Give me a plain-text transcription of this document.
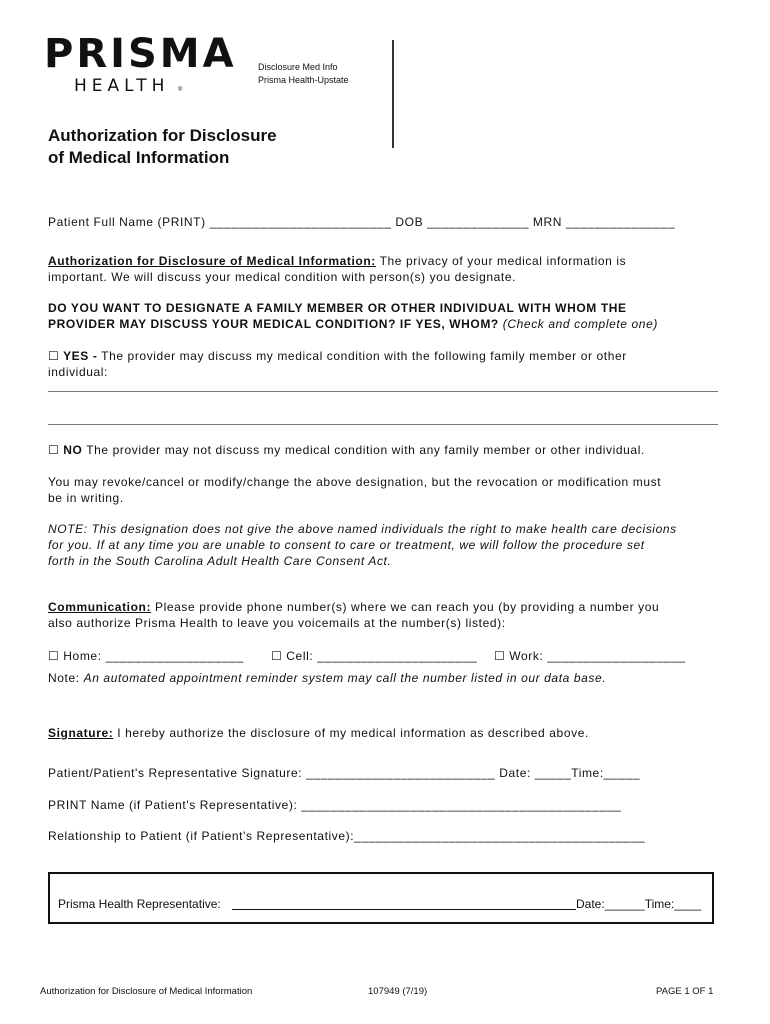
PRISMA
HEALTH ®
Disclosure Med Info
Prisma Health-Upstate
Authorization for Disclosure
of Medical Information
Patient Full Name (PRINT) _________________________ DOB ______________ MRN _______________
Authorization for Disclosure of Medical Information: The privacy of your medical information is
important. We will discuss your medical condition with person(s) you designate.
DO YOU WANT TO DESIGNATE A FAMILY MEMBER OR OTHER INDIVIDUAL WITH WHOM THE
PROVIDER MAY DISCUSS YOUR MEDICAL CONDITION? IF YES, WHOM? (Check and complete one)
☐ YES - The provider may discuss my medical condition with the following family member or other
individual:
☐ NO The provider may not discuss my medical condition with any family member or other individual.
You may revoke/cancel or modify/change the above designation, but the revocation or modification must
be in writing.
NOTE: This designation does not give the above named individuals the right to make health care decisions
for you. If at any time you are unable to consent to care or treatment, we will follow the procedure set
forth in the South Carolina Adult Health Care Consent Act.
Communication: Please provide phone number(s) where we can reach you (by providing a number you
also authorize Prisma Health to leave you voicemails at the number(s) listed):
☐ Home: ___________________ ☐ Cell: ______________________ ☐ Work: ___________________
Note: An automated appointment reminder system may call the number listed in our data base.
Signature: I hereby authorize the disclosure of my medical information as described above.
Patient/Patient's Representative Signature: __________________________ Date: _____Time:_____
PRINT Name (if Patient's Representative): ____________________________________________
Relationship to Patient (if Patient's Representative):________________________________________
Prisma Health Representative:	Date:______Time:____
Authorization for Disclosure of Medical Information	107949 (7/19)	PAGE 1 OF 1
